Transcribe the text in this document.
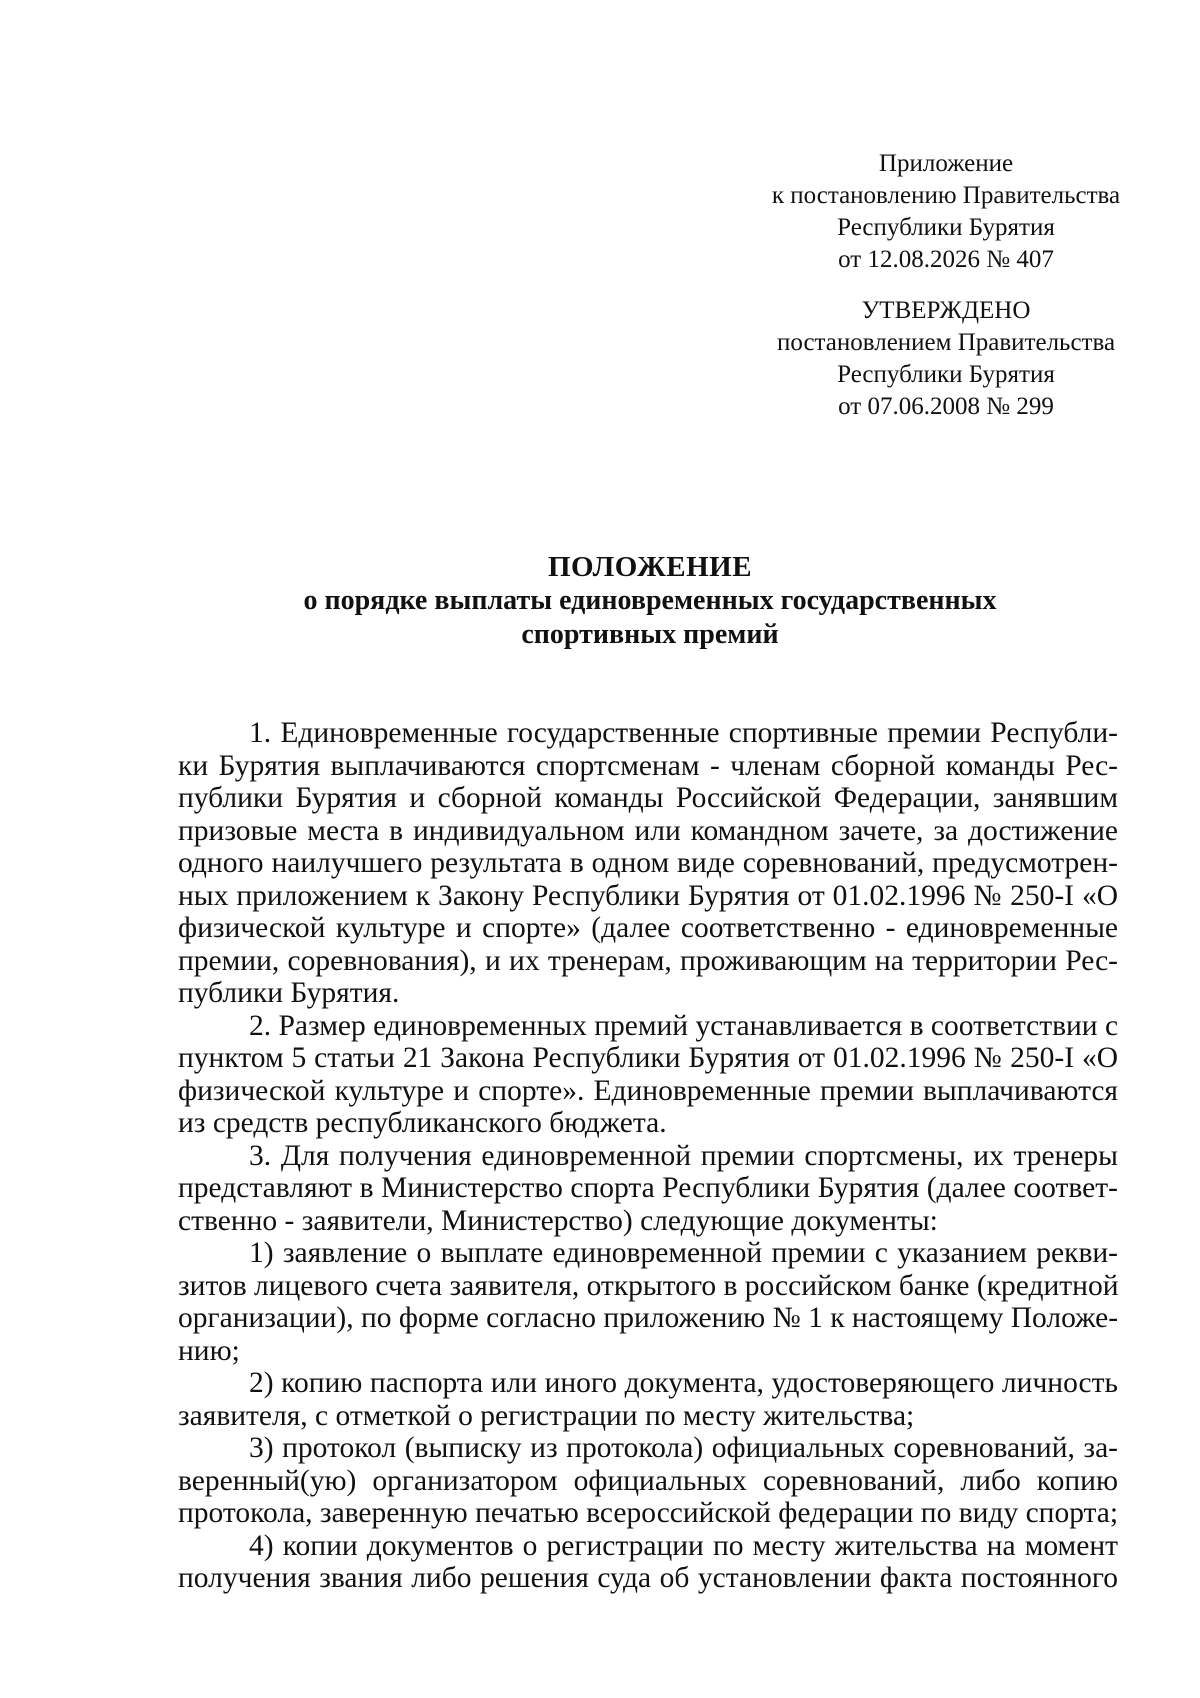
Приложение
к постановлению Правительства
Республики Бурятия
от 12.08.2026 № 407
УТВЕРЖДЕНО
постановлением Правительства
Республики Бурятия
от 07.06.2008 № 299
ПОЛОЖЕНИЕ
о порядке выплаты единовременных государственных
спортивных премий
1. Единовременные государственные спортивные премии Республи-
ки Бурятия выплачиваются спортсменам - членам сборной команды Рес-
публики Бурятия и сборной команды Российской Федерации, занявшим
призовые места в индивидуальном или командном зачете, за достижение
одного наилучшего результата в одном виде соревнований, предусмотрен-
ных приложением к Закону Республики Бурятия от 01.02.1996 № 250-I «О
физической культуре и спорте» (далее соответственно - единовременные
премии, соревнования), и их тренерам, проживающим на территории Рес-
публики Бурятия.
2. Размер единовременных премий устанавливается в соответствии с
пунктом 5 статьи 21 Закона Республики Бурятия от 01.02.1996 № 250-I «О
физической культуре и спорте». Единовременные премии выплачиваются
из средств республиканского бюджета.
3. Для получения единовременной премии спортсмены, их тренеры
представляют в Министерство спорта Республики Бурятия (далее соответ-
ственно - заявители, Министерство) следующие документы:
1) заявление о выплате единовременной премии с указанием рекви-
зитов лицевого счета заявителя, открытого в российском банке (кредитной
организации), по форме согласно приложению № 1 к настоящему Положе-
нию;
2) копию паспорта или иного документа, удостоверяющего личность
заявителя, с отметкой о регистрации по месту жительства;
3) протокол (выписку из протокола) официальных соревнований, за-
веренный(ую) организатором официальных соревнований, либо копию
протокола, заверенную печатью всероссийской федерации по виду спорта;
4) копии документов о регистрации по месту жительства на момент
получения звания либо решения суда об установлении факта постоянного
